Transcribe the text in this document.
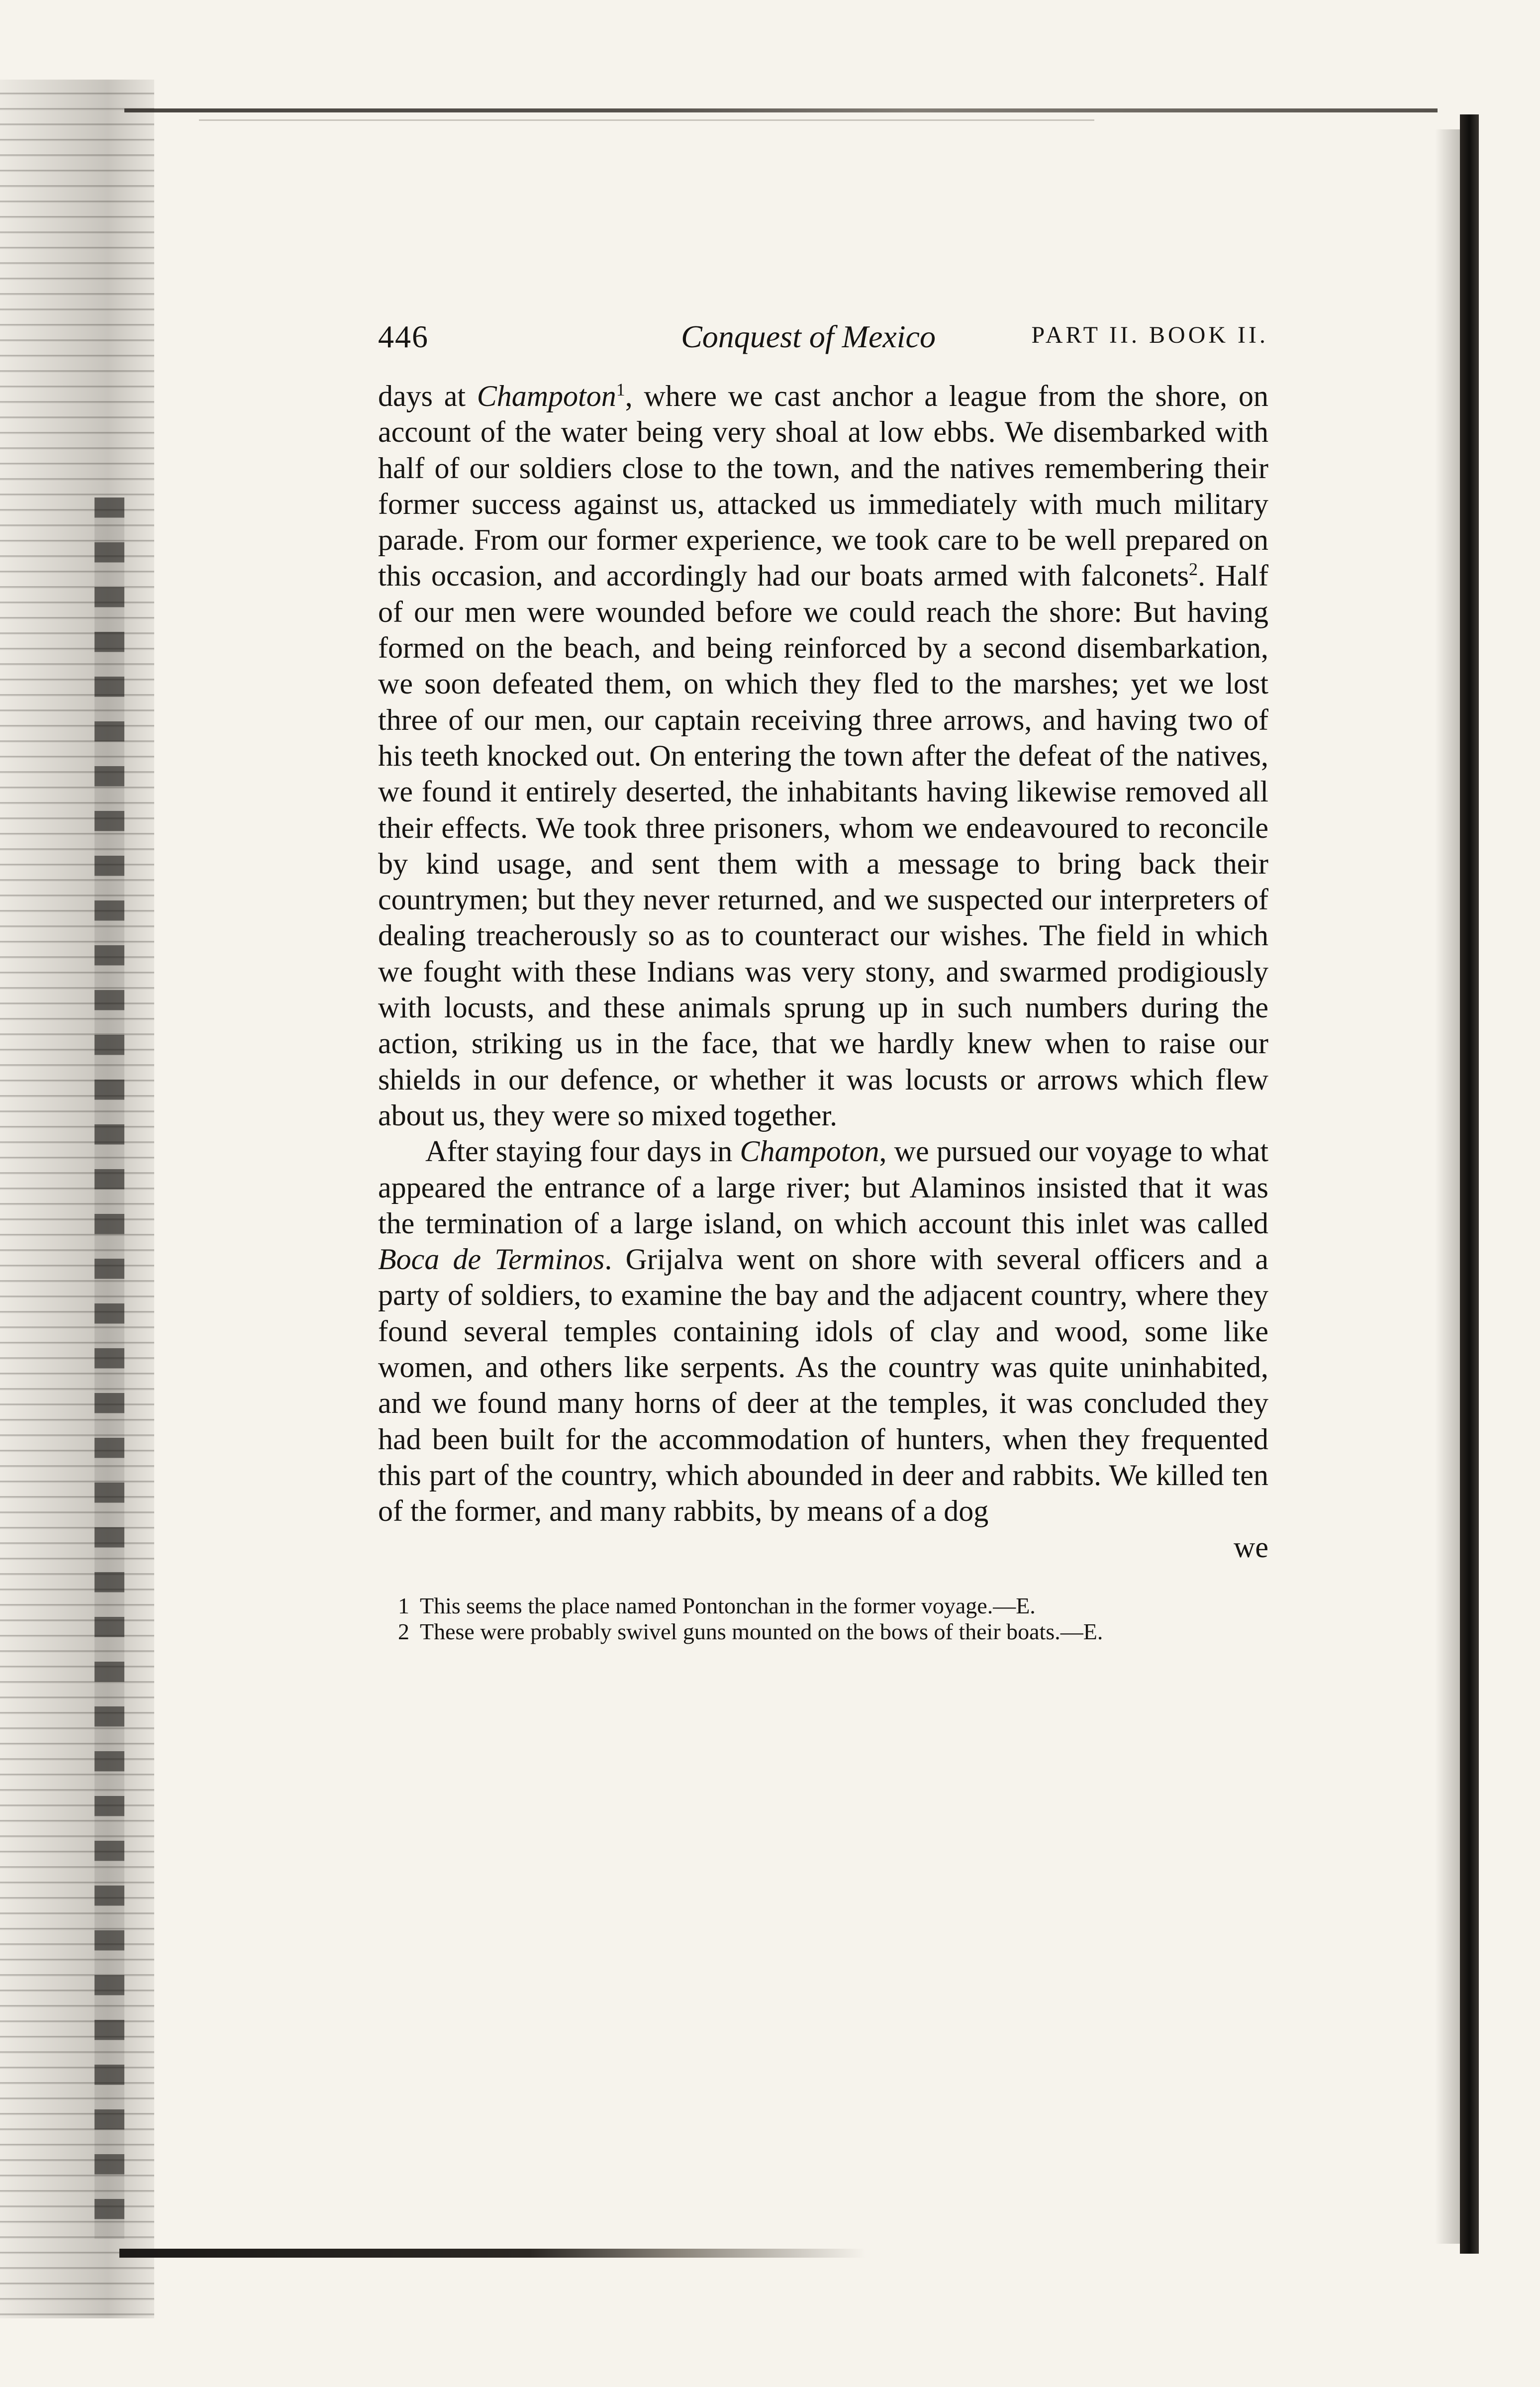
446	Conquest of Mexico	PART II. BOOK II.

days at Champoton$^1$, where we cast anchor a league from the shore, on account of the water being very shoal at low ebbs. We disembarked with half of our soldiers close to the town, and the natives remembering their former success against us, attacked us immediately with much military parade. From our former experience, we took care to be well prepared on this occasion, and accordingly had our boats armed with falconets$^2$. Half of our men were wounded before we could reach the shore: But having formed on the beach, and being reinforced by a second disembarkation, we soon defeated them, on which they fled to the marshes; yet we lost three of our men, our captain receiving three arrows, and having two of his teeth knocked out. On entering the town after the defeat of the natives, we found it entirely deserted, the inhabitants having likewise removed all their effects. We took three prisoners, whom we endeavoured to reconcile by kind usage, and sent them with a message to bring back their countrymen; but they never returned, and we suspected our interpreters of dealing treacherously so as to counteract our wishes. The field in which we fought with these Indians was very stony, and swarmed prodigiously with locusts, and these animals sprung up in such numbers during the action, striking us in the face, that we hardly knew when to raise our shields in our defence, or whether it was locusts or arrows which flew about us, they were so mixed together.

After staying four days in Champoton, we pursued our voyage to what appeared the entrance of a large river; but Alaminos insisted that it was the termination of a large island, on which account this inlet was called Boca de Terminos. Grijalva went on shore with several officers and a party of soldiers, to examine the bay and the adjacent country, where they found several temples containing idols of clay and wood, some like women, and others like serpents. As the country was quite uninhabited, and we found many horns of deer at the temples, it was concluded they had been built for the accommodation of hunters, when they frequented this part of the country, which abounded in deer and rabbits. We killed ten of the former, and many rabbits, by means of a dog

we

1 This seems the place named Pontonchan in the former voyage.—E.

2 These were probably swivel guns mounted on the bows of their boats.—E.
